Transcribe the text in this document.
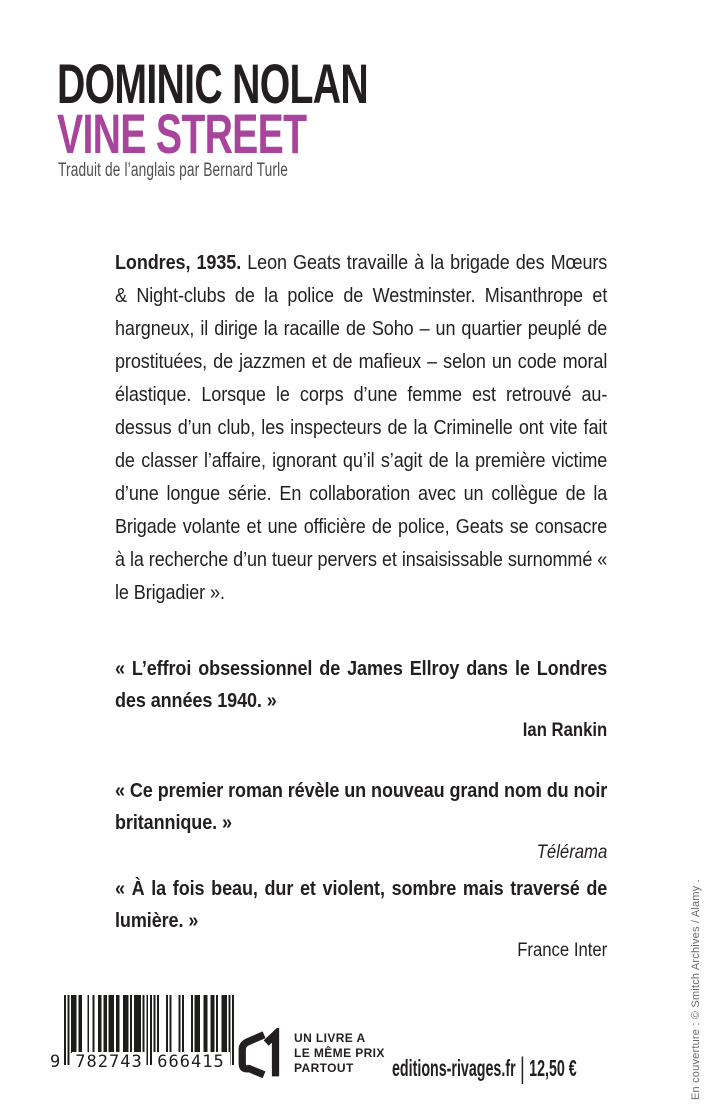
DOMINIC NOLAN
VINE STREET
Traduit de l’anglais par Bernard Turle

Londres, 1935. Leon Geats travaille à la brigade des Mœurs & Night-clubs de la police de Westminster. Misanthrope et hargneux, il dirige la racaille de Soho – un quartier peuplé de prostituées, de jazzmen et de mafieux – selon un code moral élastique. Lorsque le corps d’une femme est retrouvé au-dessus d’un club, les inspecteurs de la Criminelle ont vite fait de classer l’affaire, ignorant qu’il s’agit de la première victime d’une longue série. En collaboration avec un collègue de la Brigade volante et une officière de police, Geats se consacre à la recherche d’un tueur pervers et insaisissable surnommé « le Brigadier ».

« L’effroi obsessionnel de James Ellroy dans le Londres des années 1940. »

Ian Rankin

« Ce premier roman révèle un nouveau grand nom du noir britannique. »

Télérama

« À la fois beau, dur et violent, sombre mais traversé de lumière. »

France Inter

9 782743 666415
UN LIVRE A
LE MÊME PRIX
PARTOUT	editions-rivages.fr | 12,50 €	En couverture : © Smitch Archives / Alamy .
